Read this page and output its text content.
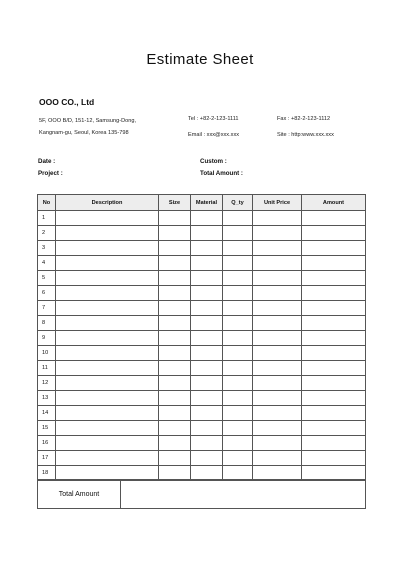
Estimate Sheet
OOO CO., Ltd
5F, OOO B/D, 151-12, Samsung-Dong,
Kangnam-gu, Seoul, Korea 135-798
Tel : +82-2-123-1111	Fax : +82-2-123-1112
Email : xxx@xxx.xxx	Site : http:www.xxx.xxx
Date :
Project :
Custom :
Total Amount :
No	Description	Size	Material	Q_ty	Unit Price	Amount
1						
2						
3						
4						
5						
6						
7						
8						
9						
10						
11						
12						
13						
14						
15						
16						
17						
18						
Total Amount	
